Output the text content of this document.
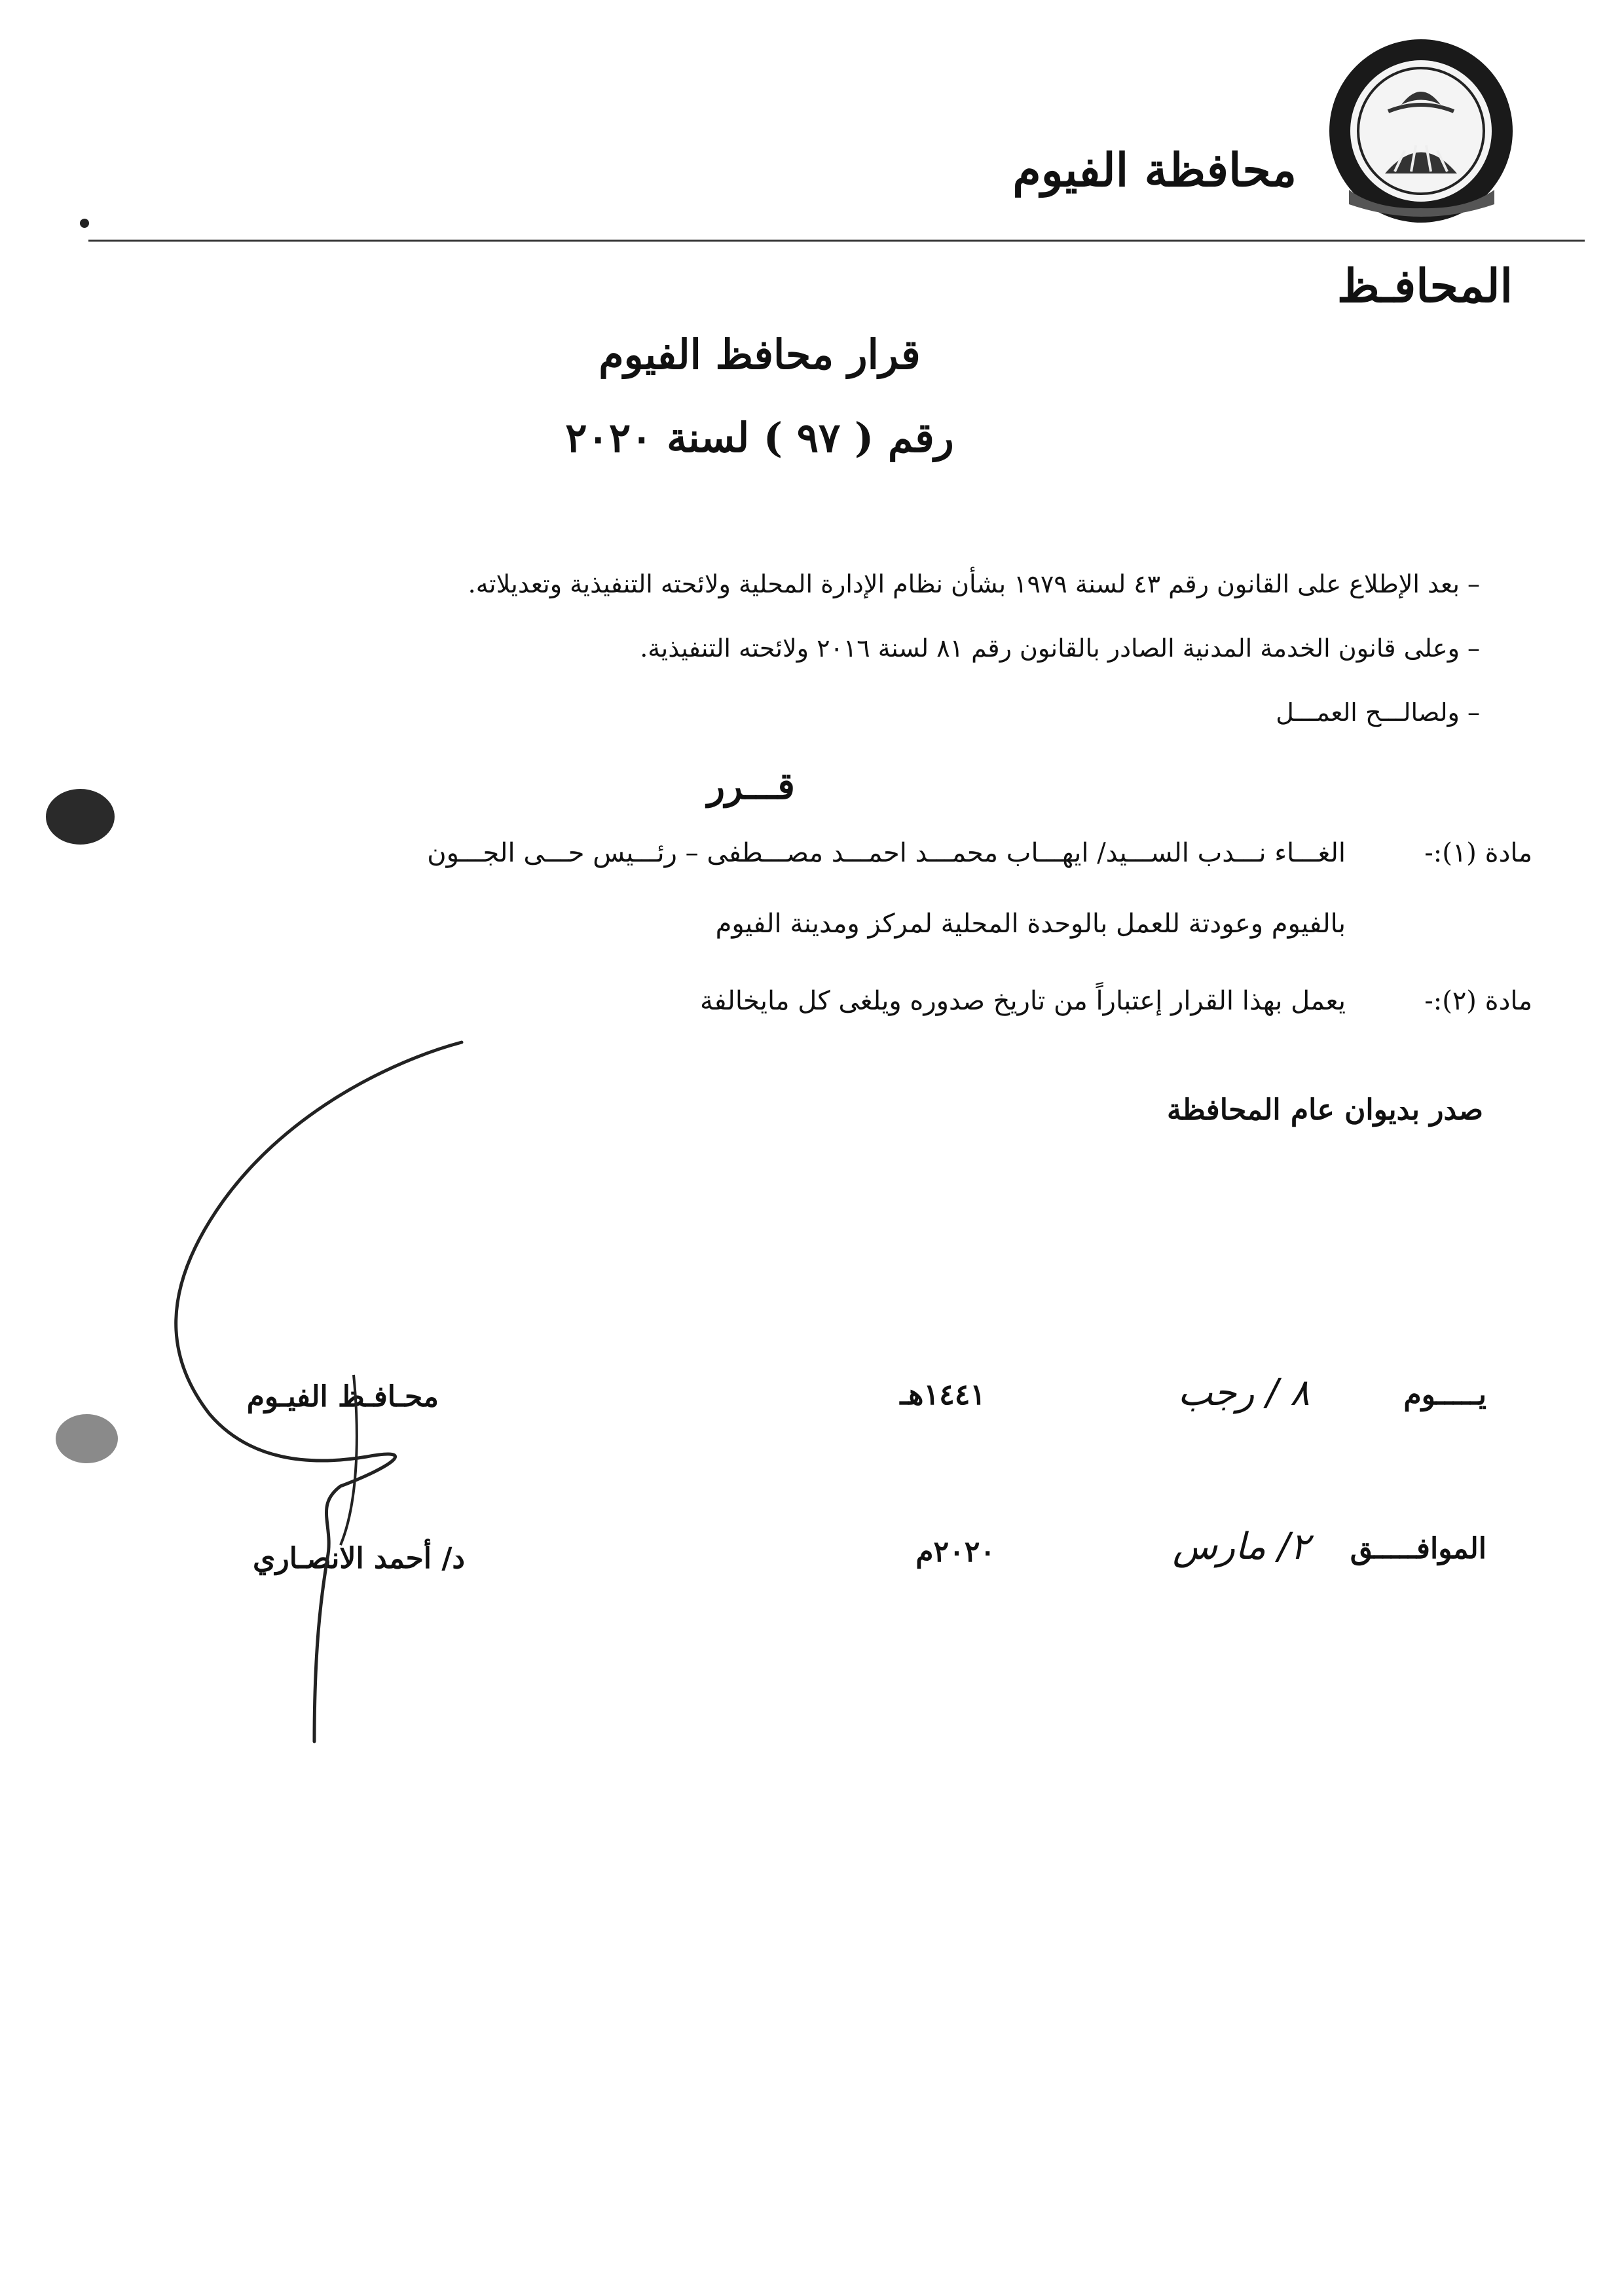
محافظة الفيوم
المحافـظ
قرار محافظ الفيوم
رقم ( ٩٧ ) لسنة ٢٠٢٠
– بعد الإطلاع على القانون رقم ٤٣ لسنة ١٩٧٩ بشأن نظام الإدارة المحلية ولائحته التنفيذية وتعديلاته.
– وعلى قانون الخدمة المدنية الصادر بالقانون رقم ٨١ لسنة ٢٠١٦ ولائحته التنفيذية.
– ولصالـــح العمـــل
قـــرر
مادة (١):-
الغـــاء نـــدب الســـيد/ ايهـــاب محمـــد احمـــد مصـــطفى – رئـــيس حـــى الجـــون
بالفيوم وعودتة للعمل بالوحدة المحلية لمركز ومدينة الفيوم
مادة (٢):-
يعمل بهذا القرار إعتباراً من تاريخ صدوره ويلغى كل مايخالفة
صدر بديوان عام المحافظة
يـــــوم
٨ / رجب
١٤٤١هـ
الموافـــــق
٢/ مارس
٢٠٢٠م
محـافـظ الفيـوم
د/ أحمد الانصـاري
